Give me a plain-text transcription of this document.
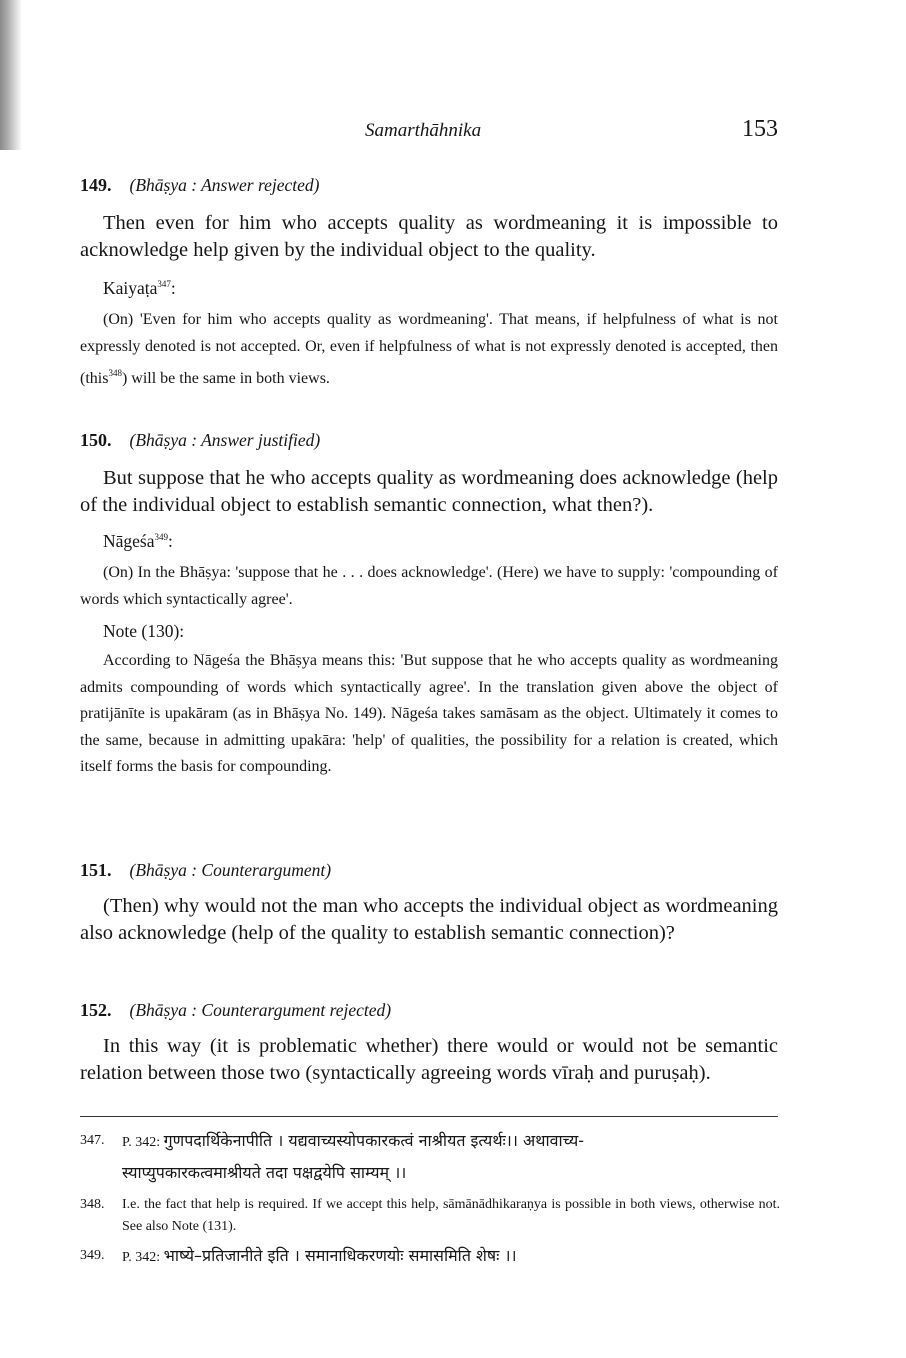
Samarthāhnika	153

149. (Bhāṣya : Answer rejected)

Then even for him who accepts quality as wordmeaning it is impossible to acknowledge help given by the individual object to the quality.

Kaiyaṭa$^{347}$:

(On) 'Even for him who accepts quality as wordmeaning'. That means, if helpfulness of what is not expressly denoted is not accepted. Or, even if helpfulness of what is not expressly denoted is accepted, then (this$^{348}$) will be the same in both views.

150. (Bhāṣya : Answer justified)

But suppose that he who accepts quality as wordmeaning does acknowledge (help of the individual object to establish semantic connection, what then?).

Nāgeśa$^{349}$:

(On) In the Bhāṣya: 'suppose that he . . . does acknowledge'. (Here) we have to supply: 'compounding of words which syntactically agree'.

Note (130):

According to Nāgeśa the Bhāṣya means this: 'But suppose that he who accepts quality as wordmeaning admits compounding of words which syntactically agree'. In the translation given above the object of pratijānīte is upakāram (as in Bhāṣya No. 149). Nāgeśa takes samāsam as the object. Ultimately it comes to the same, because in admitting upakāra: 'help' of qualities, the possibility for a relation is created, which itself forms the basis for compounding.

151. (Bhāṣya : Counterargument)

(Then) why would not the man who accepts the individual object as wordmeaning also acknowledge (help of the quality to establish semantic connection)?

152. (Bhāṣya : Counterargument rejected)

In this way (it is problematic whether) there would or would not be semantic relation between those two (syntactically agreeing words vīraḥ and puruṣaḥ).

347.	P. 342: गुणपदार्थिकेनापीति । यद्यवाच्यस्योपकारकत्वं नाश्रीयत इत्यर्थः।। अथावाच्य-
स्याप्युपकारकत्वमाश्रीयते तदा पक्षद्वयेपि साम्यम् ।।
348.	I.e. the fact that help is required. If we accept this help, sāmānādhikaraṇya is possible in both views, otherwise not. See also Note (131).
349.	P. 342: भाष्ये–प्रतिजानीते इति । समानाधिकरणयोः समासमिति शेषः ।।
